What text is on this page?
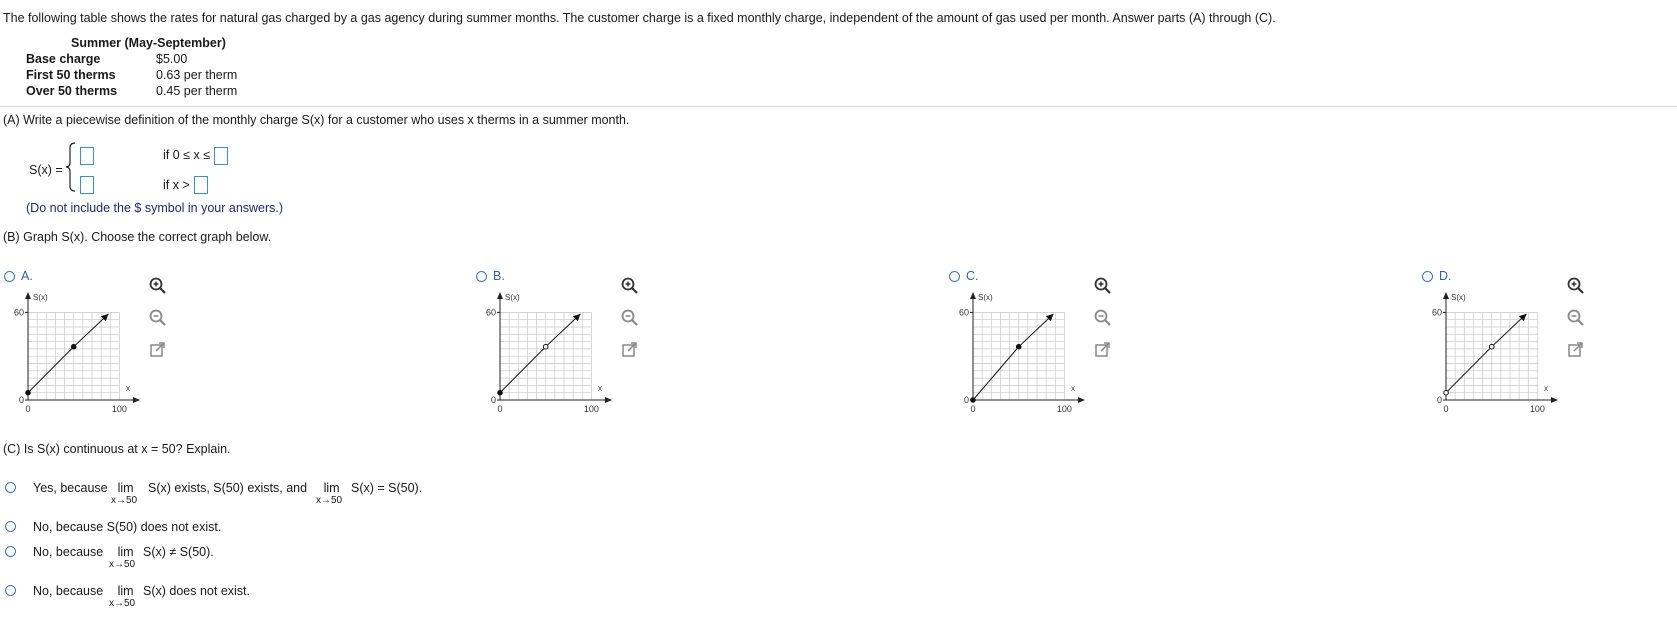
The following table shows the rates for natural gas charged by a gas agency during summer months. The customer charge is a fixed monthly charge, independent of the amount of gas used per month. Answer parts (A) through (C).
Summer (May-September)	
Base charge	$5.00
First 50 therms	0.63 per therm
Over 50 therms	0.45 per therm
(A) Write a piecewise definition of the monthly charge S(x) for a customer who uses x therms in a summer month.
S(x) =
if 0 ≤ x ≤
if x >
(Do not include the $ symbol in your answers.)
(B) Graph S(x). Choose the correct graph below.
A.
S(x)
x
60
0
0	100
B.
S(x)
x
60
0
0	100
C.
S(x)
x
60
0
0	100
D.
S(x)
x
60
0
0	100
(C) Is S(x) continuous at x = 50? Explain.
Yes, because lim
x→50
S(x) exists, S(50) exists, and lim
x→50
S(x) = S(50).
No, because S(50) does not exist.
No, because lim
x→50
S(x) ≠ S(50).
No, because lim
x→50
S(x) does not exist.
